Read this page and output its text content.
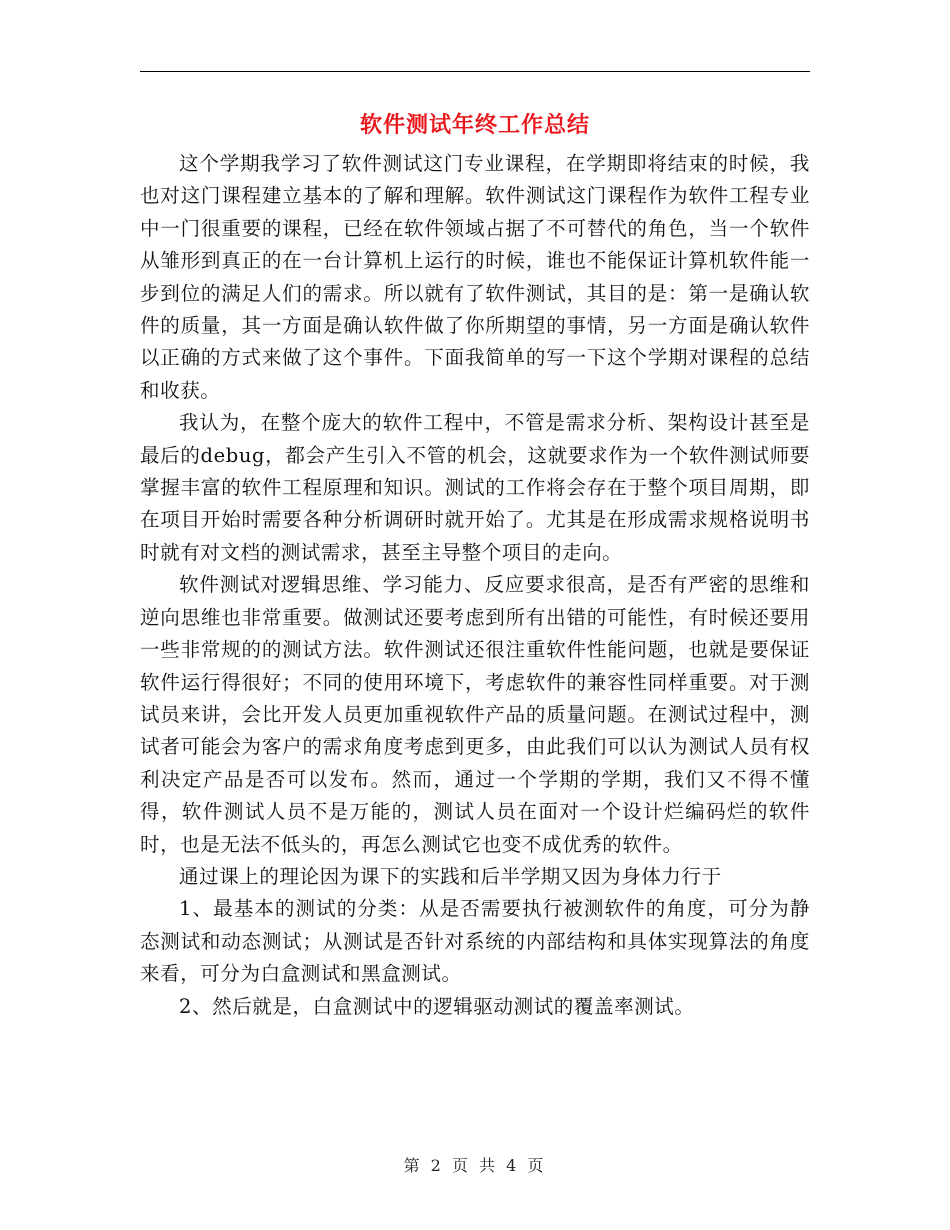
软件测试年终工作总结

这个学期我学习了软件测试这门专业课程，在学期即将结束的时候，我也对这门课程建立基本的了解和理解。软件测试这门课程作为软件工程专业中一门很重要的课程，已经在软件领域占据了不可替代的角色，当一个软件从雏形到真正的在一台计算机上运行的时候，谁也不能保证计算机软件能一步到位的满足人们的需求。所以就有了软件测试，其目的是：第一是确认软件的质量，其一方面是确认软件做了你所期望的事情，另一方面是确认软件以正确的方式来做了这个事件。下面我简单的写一下这个学期对课程的总结和收获。

我认为，在整个庞大的软件工程中，不管是需求分析、架构设计甚至是最后的debug，都会产生引入不管的机会，这就要求作为一个软件测试师要掌握丰富的软件工程原理和知识。测试的工作将会存在于整个项目周期，即在项目开始时需要各种分析调研时就开始了。尤其是在形成需求规格说明书时就有对文档的测试需求，甚至主导整个项目的走向。

软件测试对逻辑思维、学习能力、反应要求很高，是否有严密的思维和逆向思维也非常重要。做测试还要考虑到所有出错的可能性，有时候还要用一些非常规的的测试方法。软件测试还很注重软件性能问题，也就是要保证软件运行得很好；不同的使用环境下，考虑软件的兼容性同样重要。对于测试员来讲，会比开发人员更加重视软件产品的质量问题。在测试过程中，测试者可能会为客户的需求角度考虑到更多，由此我们可以认为测试人员有权利决定产品是否可以发布。然而，通过一个学期的学期，我们又不得不懂得，软件测试人员不是万能的，测试人员在面对一个设计烂编码烂的软件时，也是无法不低头的，再怎么测试它也变不成优秀的软件。

通过课上的理论因为课下的实践和后半学期又因为身体力行于

1、最基本的测试的分类：从是否需要执行被测软件的角度，可分为静态测试和动态测试；从测试是否针对系统的内部结构和具体实现算法的角度来看，可分为白盒测试和黑盒测试。

2、然后就是，白盒测试中的逻辑驱动测试的覆盖率测试。

第 2 页 共 4 页
